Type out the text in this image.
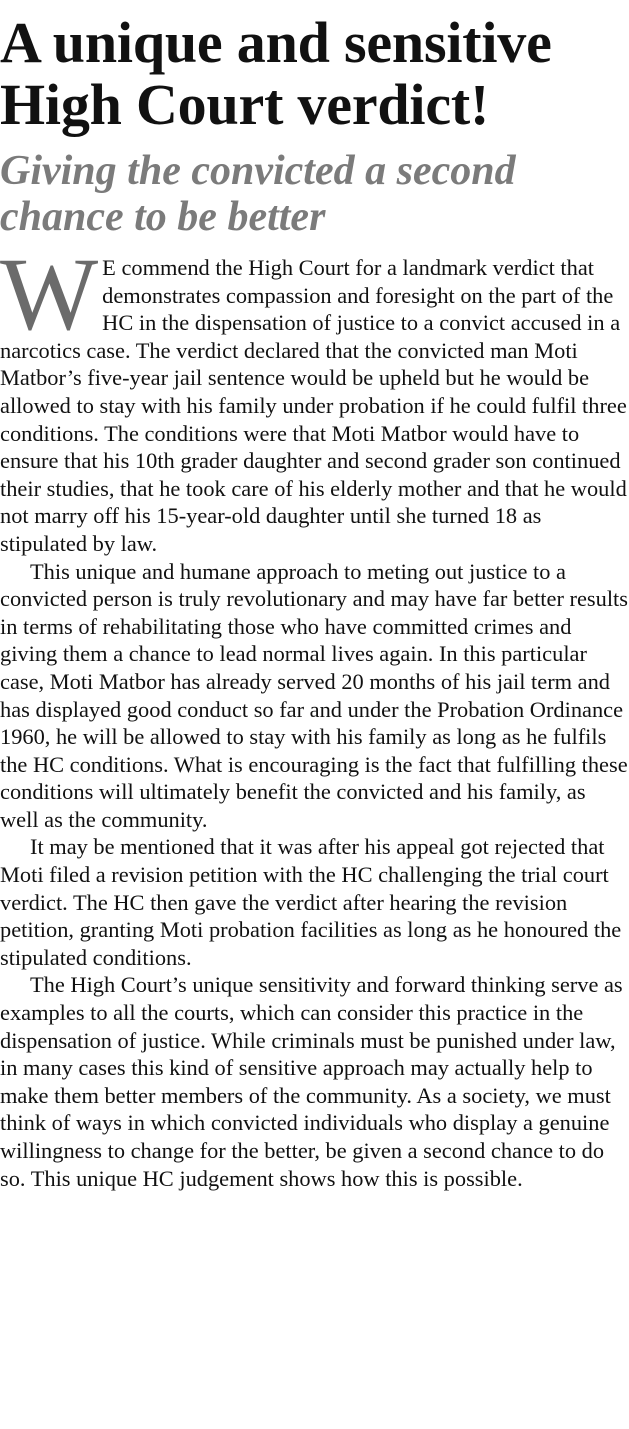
A unique and sensitive High Court verdict!
Giving the convicted a second chance to be better

W E commend the High Court for a landmark verdict that demonstrates compassion and foresight on the part of the HC in the dispensation of justice to a convict accused in a narcotics case. The verdict declared that the convicted man Moti Matbor’s five-year jail sentence would be upheld but he would be allowed to stay with his family under probation if he could fulfil three conditions. The conditions were that Moti Matbor would have to ensure that his 10th grader daughter and second grader son continued their studies, that he took care of his elderly mother and that he would not marry off his 15-year-old daughter until she turned 18 as stipulated by law.

This unique and humane approach to meting out justice to a convicted person is truly revolutionary and may have far better results in terms of rehabilitating those who have committed crimes and giving them a chance to lead normal lives again. In this particular case, Moti Matbor has already served 20 months of his jail term and has displayed good conduct so far and under the Probation Ordinance 1960, he will be allowed to stay with his family as long as he fulfils the HC conditions. What is encouraging is the fact that fulfilling these conditions will ultimately benefit the convicted and his family, as well as the community.

It may be mentioned that it was after his appeal got rejected that Moti filed a revision petition with the HC challenging the trial court verdict. The HC then gave the verdict after hearing the revision petition, granting Moti probation facilities as long as he honoured the stipulated conditions.

The High Court’s unique sensitivity and forward thinking serve as examples to all the courts, which can consider this practice in the dispensation of justice. While criminals must be punished under law, in many cases this kind of sensitive approach may actually help to make them better members of the community. As a society, we must think of ways in which convicted individuals who display a genuine willingness to change for the better, be given a second chance to do so. This unique HC judgement shows how this is possible.
